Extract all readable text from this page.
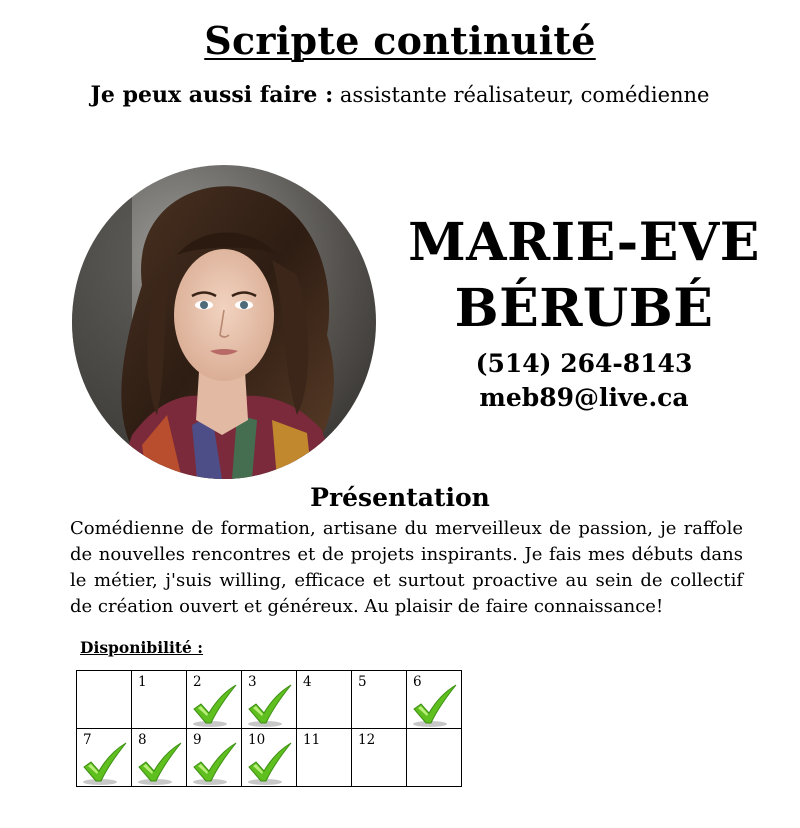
Scripte continuité
Je peux aussi faire : assistante réalisateur, comédienne
MARIE-EVE
BÉRUBÉ
(514) 264-8143
meb89@live.ca
Présentation
Comédienne de formation, artisane du merveilleux de passion, je raffole de nouvelles rencontres et de projets inspirants. Je fais mes débuts dans le métier, j'suis willing, efficace et surtout proactive au sein de collectif de création ouvert et généreux. Au plaisir de faire connaissance!
Disponibilité :

	1	2	3	4	5	6

7	8	9	10	11	12	
